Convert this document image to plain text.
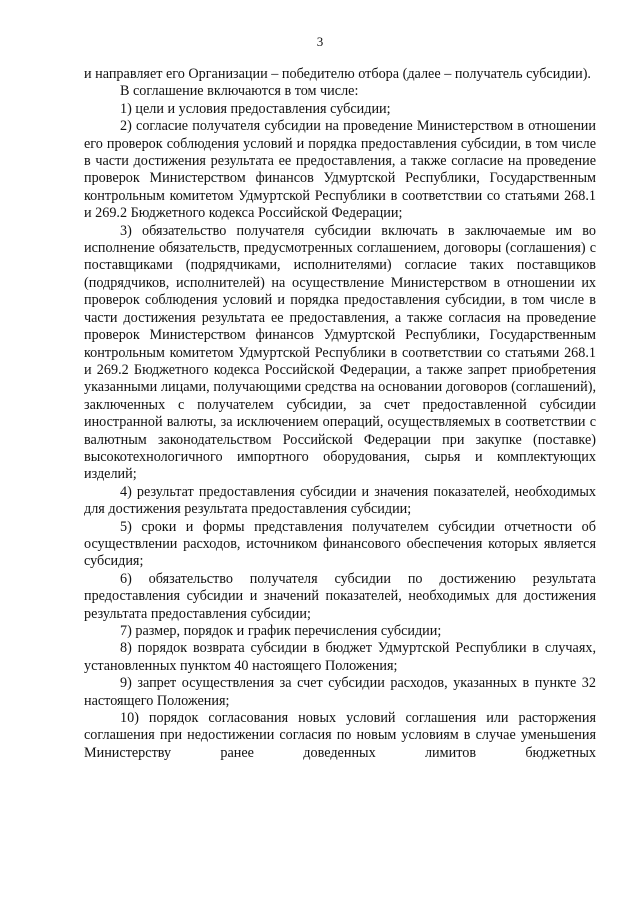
3

и направляет его Организации – победителю отбора (далее – получатель субсидии).

В соглашение включаются в том числе:

1) цели и условия предоставления субсидии;

2) согласие получателя субсидии на проведение Министерством в отношении его проверок соблюдения условий и порядка предоставления субсидии, в том числе в части достижения результата ее предоставления, а также согласие на проведение проверок Министерством финансов Удмуртской Республики, Государственным контрольным комитетом Удмуртской Республики в соответствии со статьями 268.1 и 269.2 Бюджетного кодекса Российской Федерации;

3) обязательство получателя субсидии включать в заключаемые им во исполнение обязательств, предусмотренных соглашением, договоры (соглашения) с поставщиками (подрядчиками, исполнителями) согласие таких поставщиков (подрядчиков, исполнителей) на осуществление Министерством в отношении их проверок соблюдения условий и порядка предоставления субсидии, в том числе в части достижения результата ее предоставления, а также согласия на проведение проверок Министерством финансов Удмуртской Республики, Государственным контрольным комитетом Удмуртской Республики в соответствии со статьями 268.1 и 269.2 Бюджетного кодекса Российской Федерации, а также запрет приобретения указанными лицами, получающими средства на основании договоров (соглашений), заключенных с получателем субсидии, за счет предоставленной субсидии иностранной валюты, за исключением операций, осуществляемых в соответствии с валютным законодательством Российской Федерации при закупке (поставке) высокотехнологичного импортного оборудования, сырья и комплектующих изделий;

4) результат предоставления субсидии и значения показателей, необходимых для достижения результата предоставления субсидии;

5) сроки и формы представления получателем субсидии отчетности об осуществлении расходов, источником финансового обеспечения которых является субсидия;

6) обязательство получателя субсидии по достижению результата предоставления субсидии и значений показателей, необходимых для достижения результата предоставления субсидии;

7) размер, порядок и график перечисления субсидии;

8) порядок возврата субсидии в бюджет Удмуртской Республики в случаях, установленных пунктом 40 настоящего Положения;

9) запрет осуществления за счет субсидии расходов, указанных в пункте 32 настоящего Положения;

10) порядок согласования новых условий соглашения или расторжения соглашения при недостижении согласия по новым условиям в случае уменьшения Министерству ранее доведенных лимитов бюджетных
